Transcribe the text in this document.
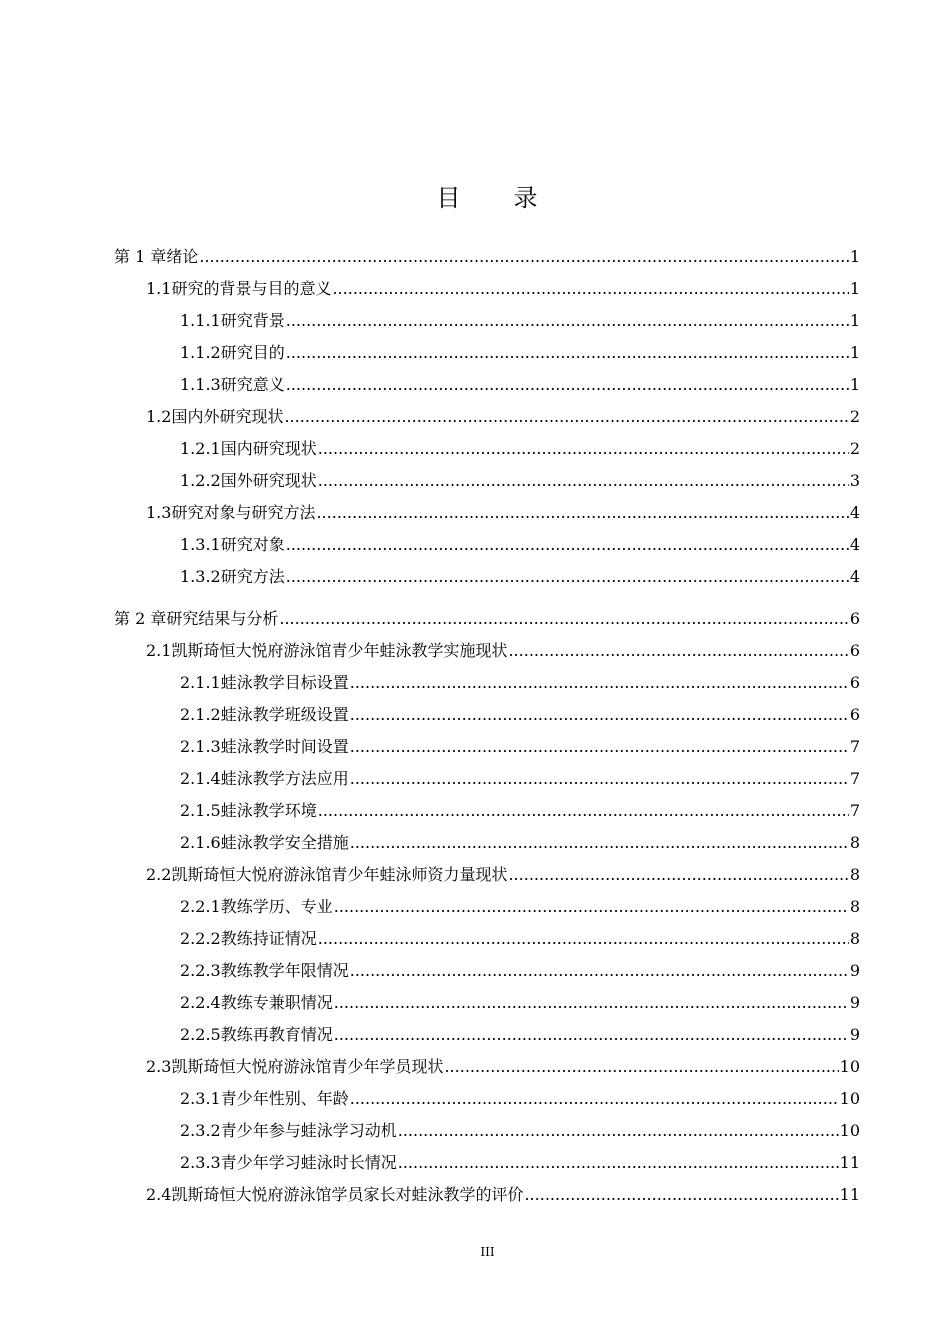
目 录
第 1 章 绪论 .....	1
1.1 研究的背景与目的意义 .....	1
1.1.1 研究背景 .....	1
1.1.2 研究目的 .....	1
1.1.3 研究意义 .....	1
1.2 国内外研究现状 .....	2
1.2.1 国内研究现状 .....	2
1.2.2 国外研究现状 .....	3
1.3 研究对象与研究方法 .....	4
1.3.1 研究对象 .....	4
1.3.2 研究方法 .....	4
第 2 章 研究结果与分析 .....	6
2.1 凯斯琦恒大悦府游泳馆青少年蛙泳教学实施现状 .....	6
2.1.1 蛙泳教学目标设置 .....	6
2.1.2 蛙泳教学班级设置 .....	6
2.1.3 蛙泳教学时间设置 .....	7
2.1.4 蛙泳教学方法应用 .....	7
2.1.5 蛙泳教学环境 .....	7
2.1.6 蛙泳教学安全措施 .....	8
2.2 凯斯琦恒大悦府游泳馆青少年蛙泳师资力量现状 .....	8
2.2.1 教练学历、专业 .....	8
2.2.2 教练持证情况 .....	8
2.2.3 教练教学年限情况 .....	9
2.2.4 教练专兼职情况 .....	9
2.2.5 教练再教育情况 .....	9
2.3 凯斯琦恒大悦府游泳馆青少年学员现状 .....	10
2.3.1 青少年性别、年龄 .....	10
2.3.2 青少年参与蛙泳学习动机 .....	10
2.3.3 青少年学习蛙泳时长情况 .....	11
2.4 凯斯琦恒大悦府游泳馆学员家长对蛙泳教学的评价 .....	11
III
